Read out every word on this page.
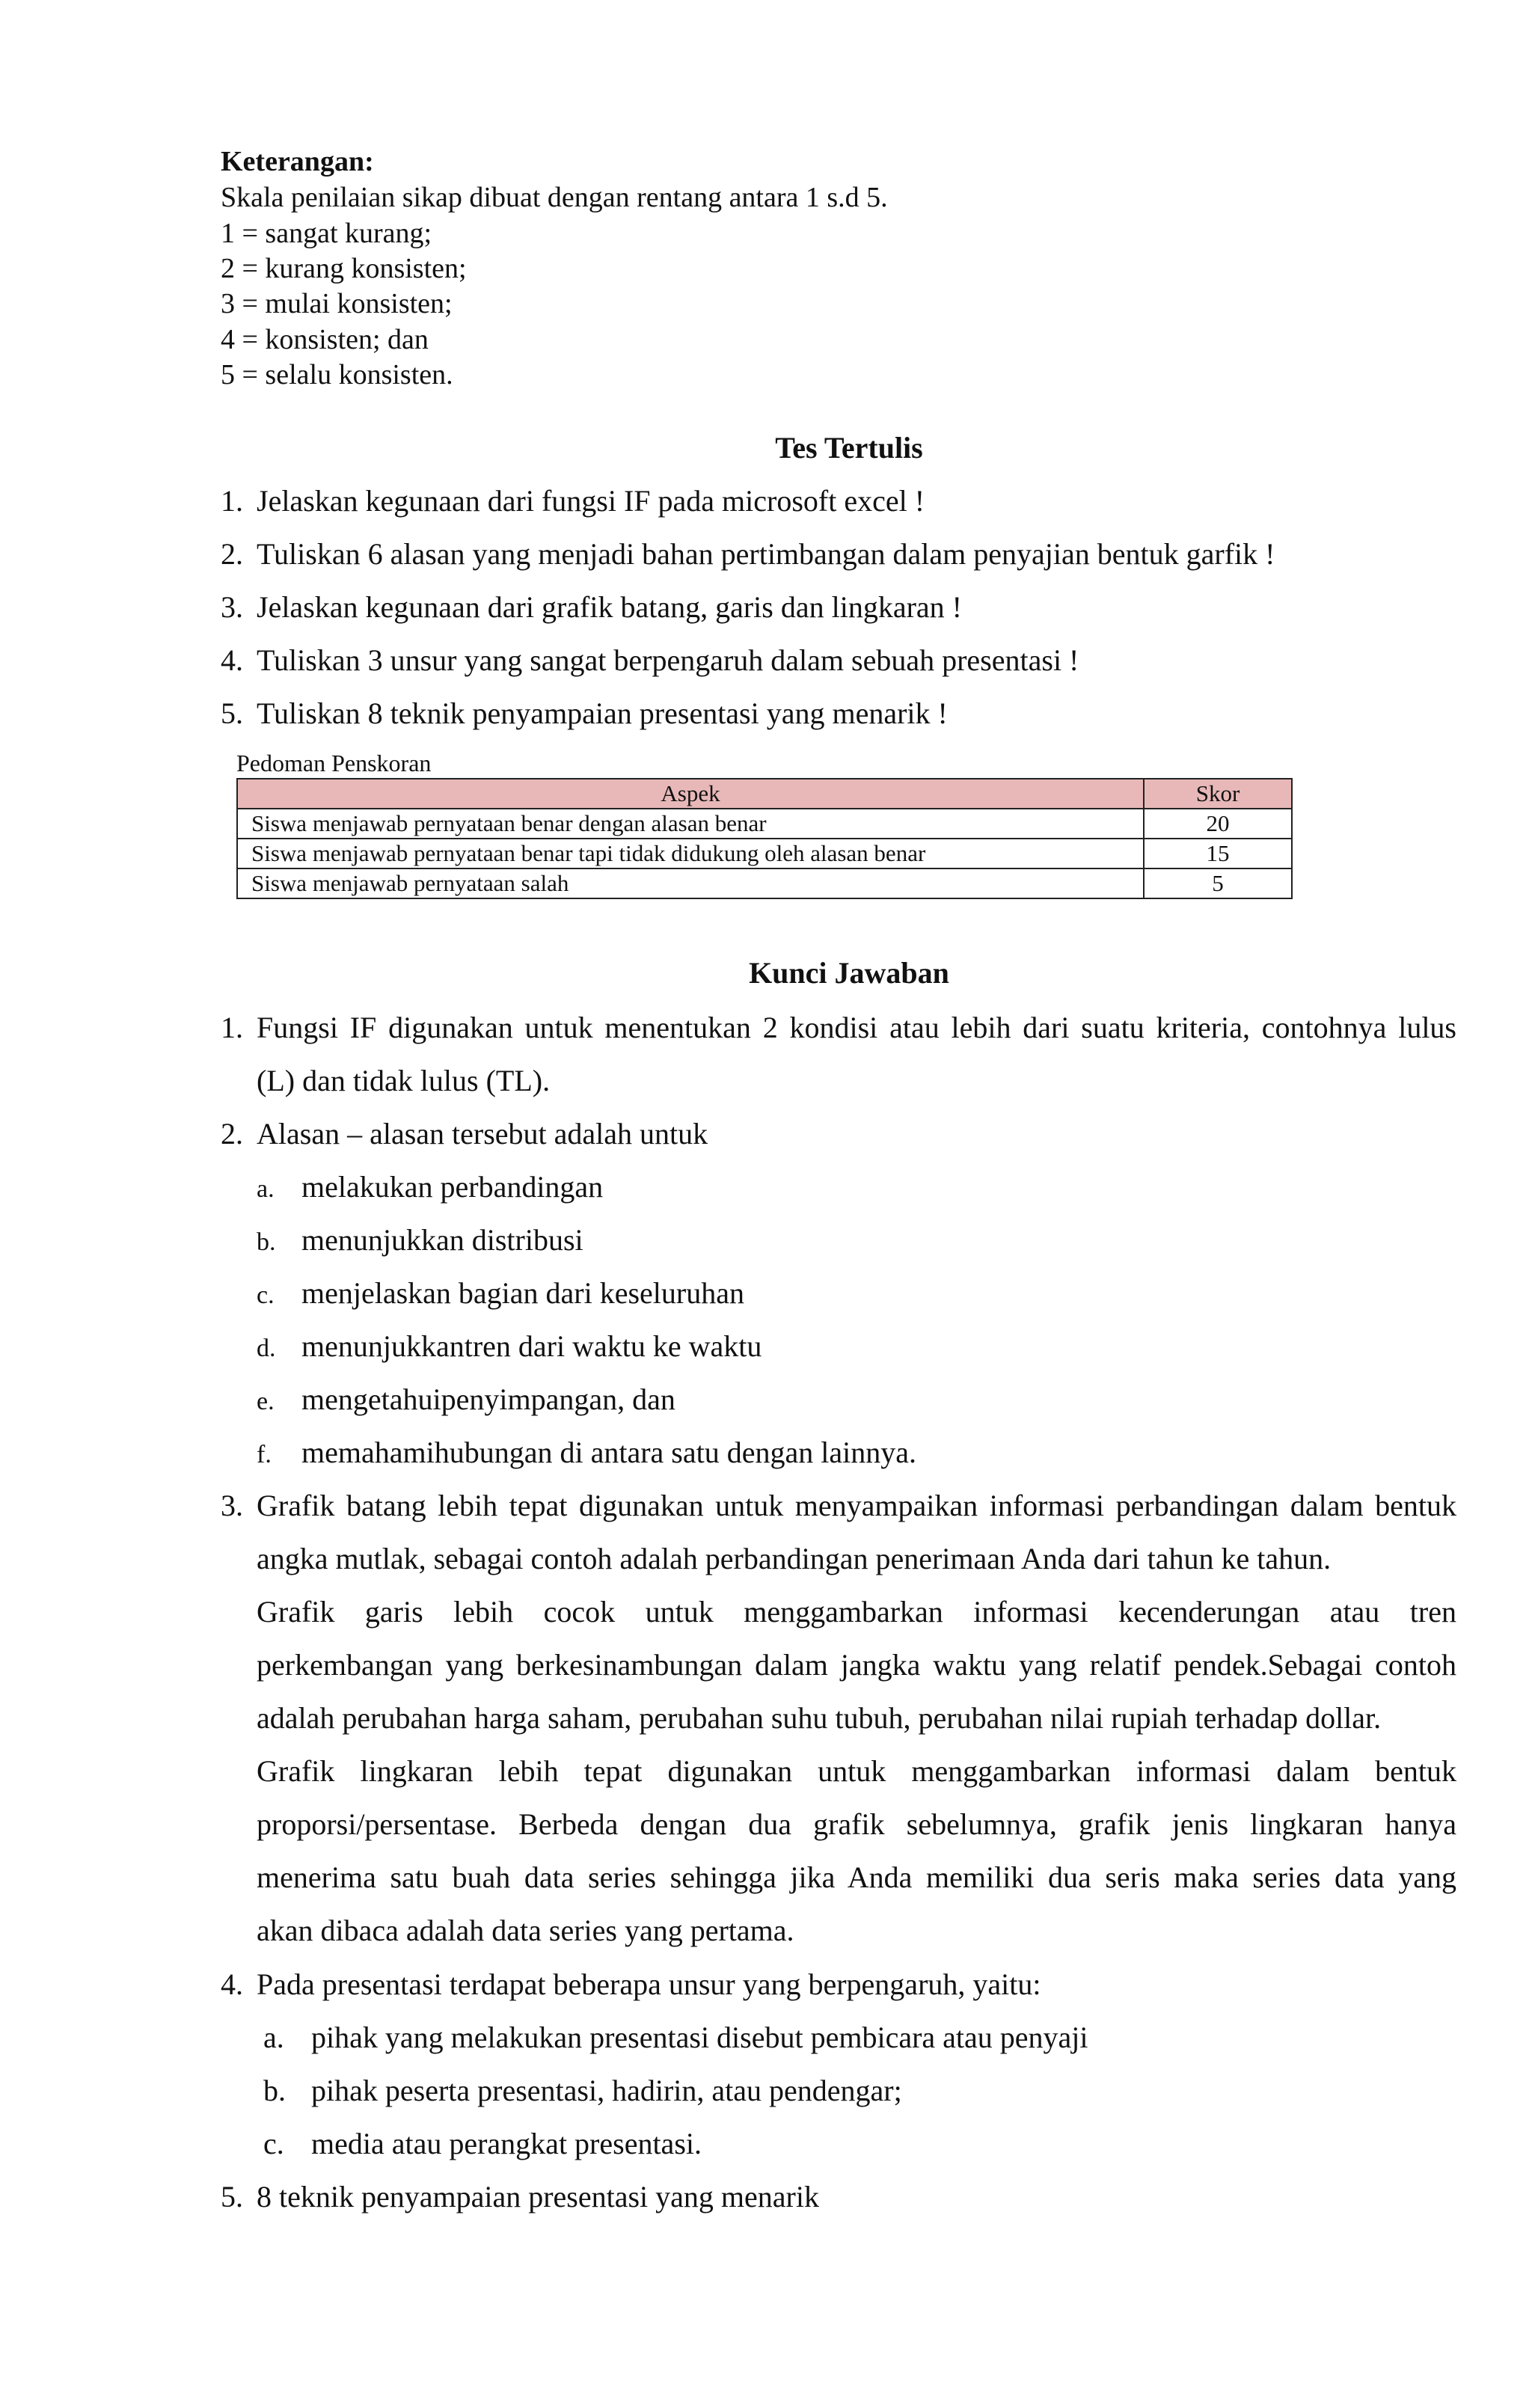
Keterangan:
Skala penilaian sikap dibuat dengan rentang antara 1 s.d 5.
1 = sangat kurang;
2 = kurang konsisten;
3 = mulai konsisten;
4 = konsisten; dan
5 = selalu konsisten.
Tes Tertulis
1. Jelaskan kegunaan dari fungsi IF pada microsoft excel !
2. Tuliskan 6 alasan yang menjadi bahan pertimbangan dalam penyajian bentuk garfik !
3. Jelaskan kegunaan dari grafik batang, garis dan lingkaran !
4. Tuliskan 3 unsur yang sangat berpengaruh dalam sebuah presentasi !
5. Tuliskan 8 teknik penyampaian presentasi yang menarik !
Pedoman Penskoran
Aspek	Skor
Siswa menjawab pernyataan benar dengan alasan benar	20
Siswa menjawab pernyataan benar tapi tidak didukung oleh alasan benar	15
Siswa menjawab pernyataan salah	5
Kunci Jawaban
1. Fungsi IF digunakan untuk menentukan 2 kondisi atau lebih dari suatu kriteria, contohnya lulus
(L) dan tidak lulus (TL).
2. Alasan – alasan tersebut adalah untuk
a. melakukan perbandingan
b. menunjukkan distribusi
c. menjelaskan bagian dari keseluruhan
d. menunjukkantren dari waktu ke waktu
e. mengetahuipenyimpangan, dan
f. memahamihubungan di antara satu dengan lainnya.
3. Grafik batang lebih tepat digunakan untuk menyampaikan informasi perbandingan dalam bentuk
angka mutlak, sebagai contoh adalah perbandingan penerimaan Anda dari tahun ke tahun.
Grafik garis lebih cocok untuk menggambarkan informasi kecenderungan atau tren
perkembangan yang berkesinambungan dalam jangka waktu yang relatif pendek.Sebagai contoh
adalah perubahan harga saham, perubahan suhu tubuh, perubahan nilai rupiah terhadap dollar.
Grafik lingkaran lebih tepat digunakan untuk menggambarkan informasi dalam bentuk
proporsi/persentase. Berbeda dengan dua grafik sebelumnya, grafik jenis lingkaran hanya
menerima satu buah data series sehingga jika Anda memiliki dua seris maka series data yang
akan dibaca adalah data series yang pertama.
4. Pada presentasi terdapat beberapa unsur yang berpengaruh, yaitu:
a. pihak yang melakukan presentasi disebut pembicara atau penyaji
b. pihak peserta presentasi, hadirin, atau pendengar;
c. media atau perangkat presentasi.
5. 8 teknik penyampaian presentasi yang menarik
